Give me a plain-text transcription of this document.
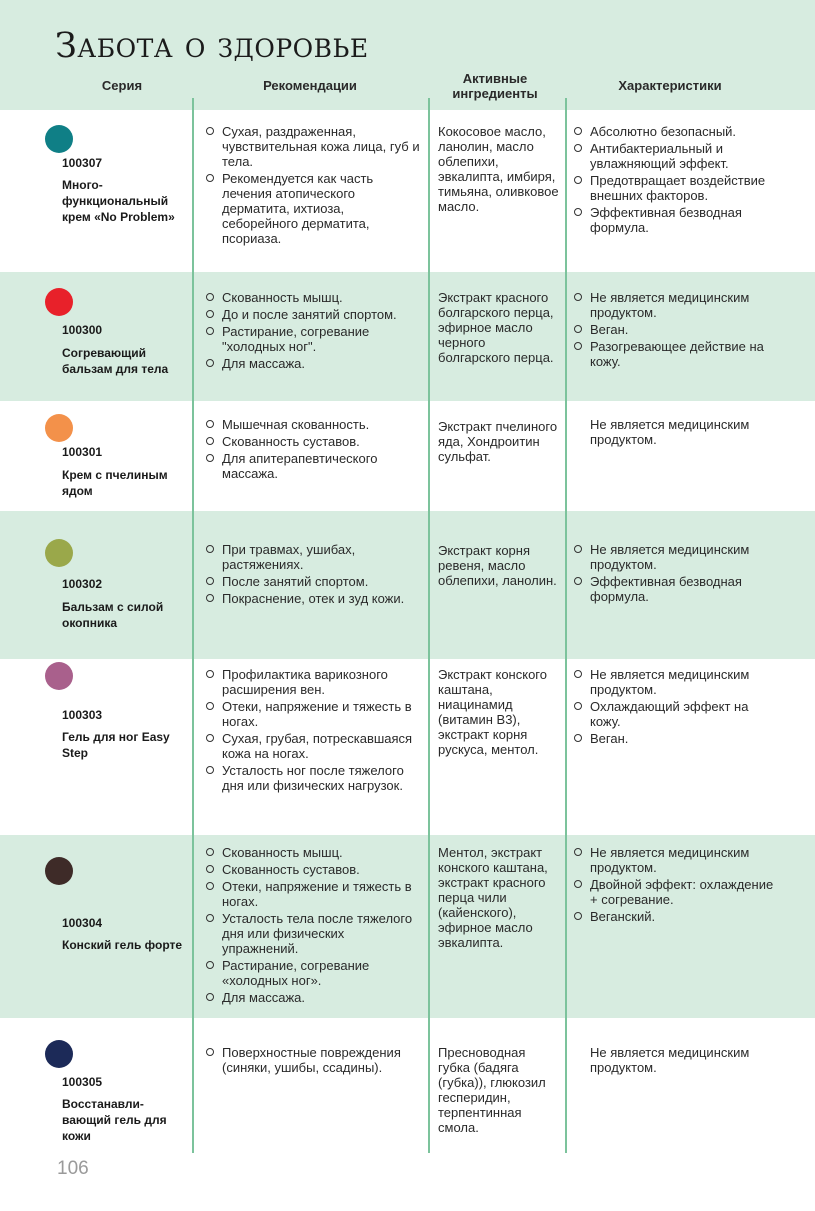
Забота о здоровье
Серия	Рекомендации	Активные ингредиенты
Характеристики
100307
Много-функциональный крем «No Problem»
Сухая, раздраженная, чувствительная кожа лица, губ и тела.
Рекомендуется как часть лечения атопического дерматита, ихтиоза, себорейного дерматита, псориаза.
Кокосовое масло, ланолин, масло облепихи, эвкалипта, имбиря, тимьяна, оливковое масло.
Абсолютно безопасный.
Антибактериальный и увлажняющий эффект.
Предотвращает воздействие внешних факторов.
Эффективная безводная формула.
100300
Согревающий бальзам для тела
Скованность мышц.
До и после занятий спортом.
Растирание, согревание "холодных ног".
Для массажа.
Экстракт красного болгарского перца, эфирное масло черного болгарского перца.
Не является медицинским продуктом.
Веган.
Разогревающее действие на кожу.
100301
Крем с пчелиным ядом
Мышечная скованность.
Скованность суставов.
Для апитерапевтического массажа.
Экстракт пчелиного яда, Хондроитин сульфат.
Не является медицинским продуктом.
100302
Бальзам с силой окопника
При травмах, ушибах, растяжениях.
После занятий спортом.
Покраснение, отек и зуд кожи.
Экстракт корня ревеня, масло облепихи, ланолин.
Не является медицинским продуктом.
Эффективная безводная формула.
100303
Гель для ног Easy Step
Профилактика варикозного расширения вен.
Отеки, напряжение и тяжесть в ногах.
Сухая, грубая, потрескавшаяся кожа на ногах.
Усталость ног после тяжелого дня или физических нагрузок.
Экстракт конского каштана, ниацинамид (витамин В3), экстракт корня рускуса, ментол.
Не является медицинским продуктом.
Охлаждающий эффект на кожу.
Веган.
100304
Конский гель форте
Скованность мышц.
Скованность суставов.
Отеки, напряжение и тяжесть в ногах.
Усталость тела после тяжелого дня или физических упражнений.
Растирание, согревание «холодных ног».
Для массажа.
Ментол, экстракт конского каштана, экстракт красного перца чили (кайенского), эфирное масло эвкалипта.
Не является медицинским продуктом.
Двойной эффект: охлаждение + согревание.
Веганский.
100305
Восстанавли-вающий гель для кожи
Поверхностные повреждения (синяки, ушибы, ссадины).
Пресноводная губка (бадяга (губка)), глюкозил гесперидин, терпентинная смола.
Не является медицинским продуктом.
106
